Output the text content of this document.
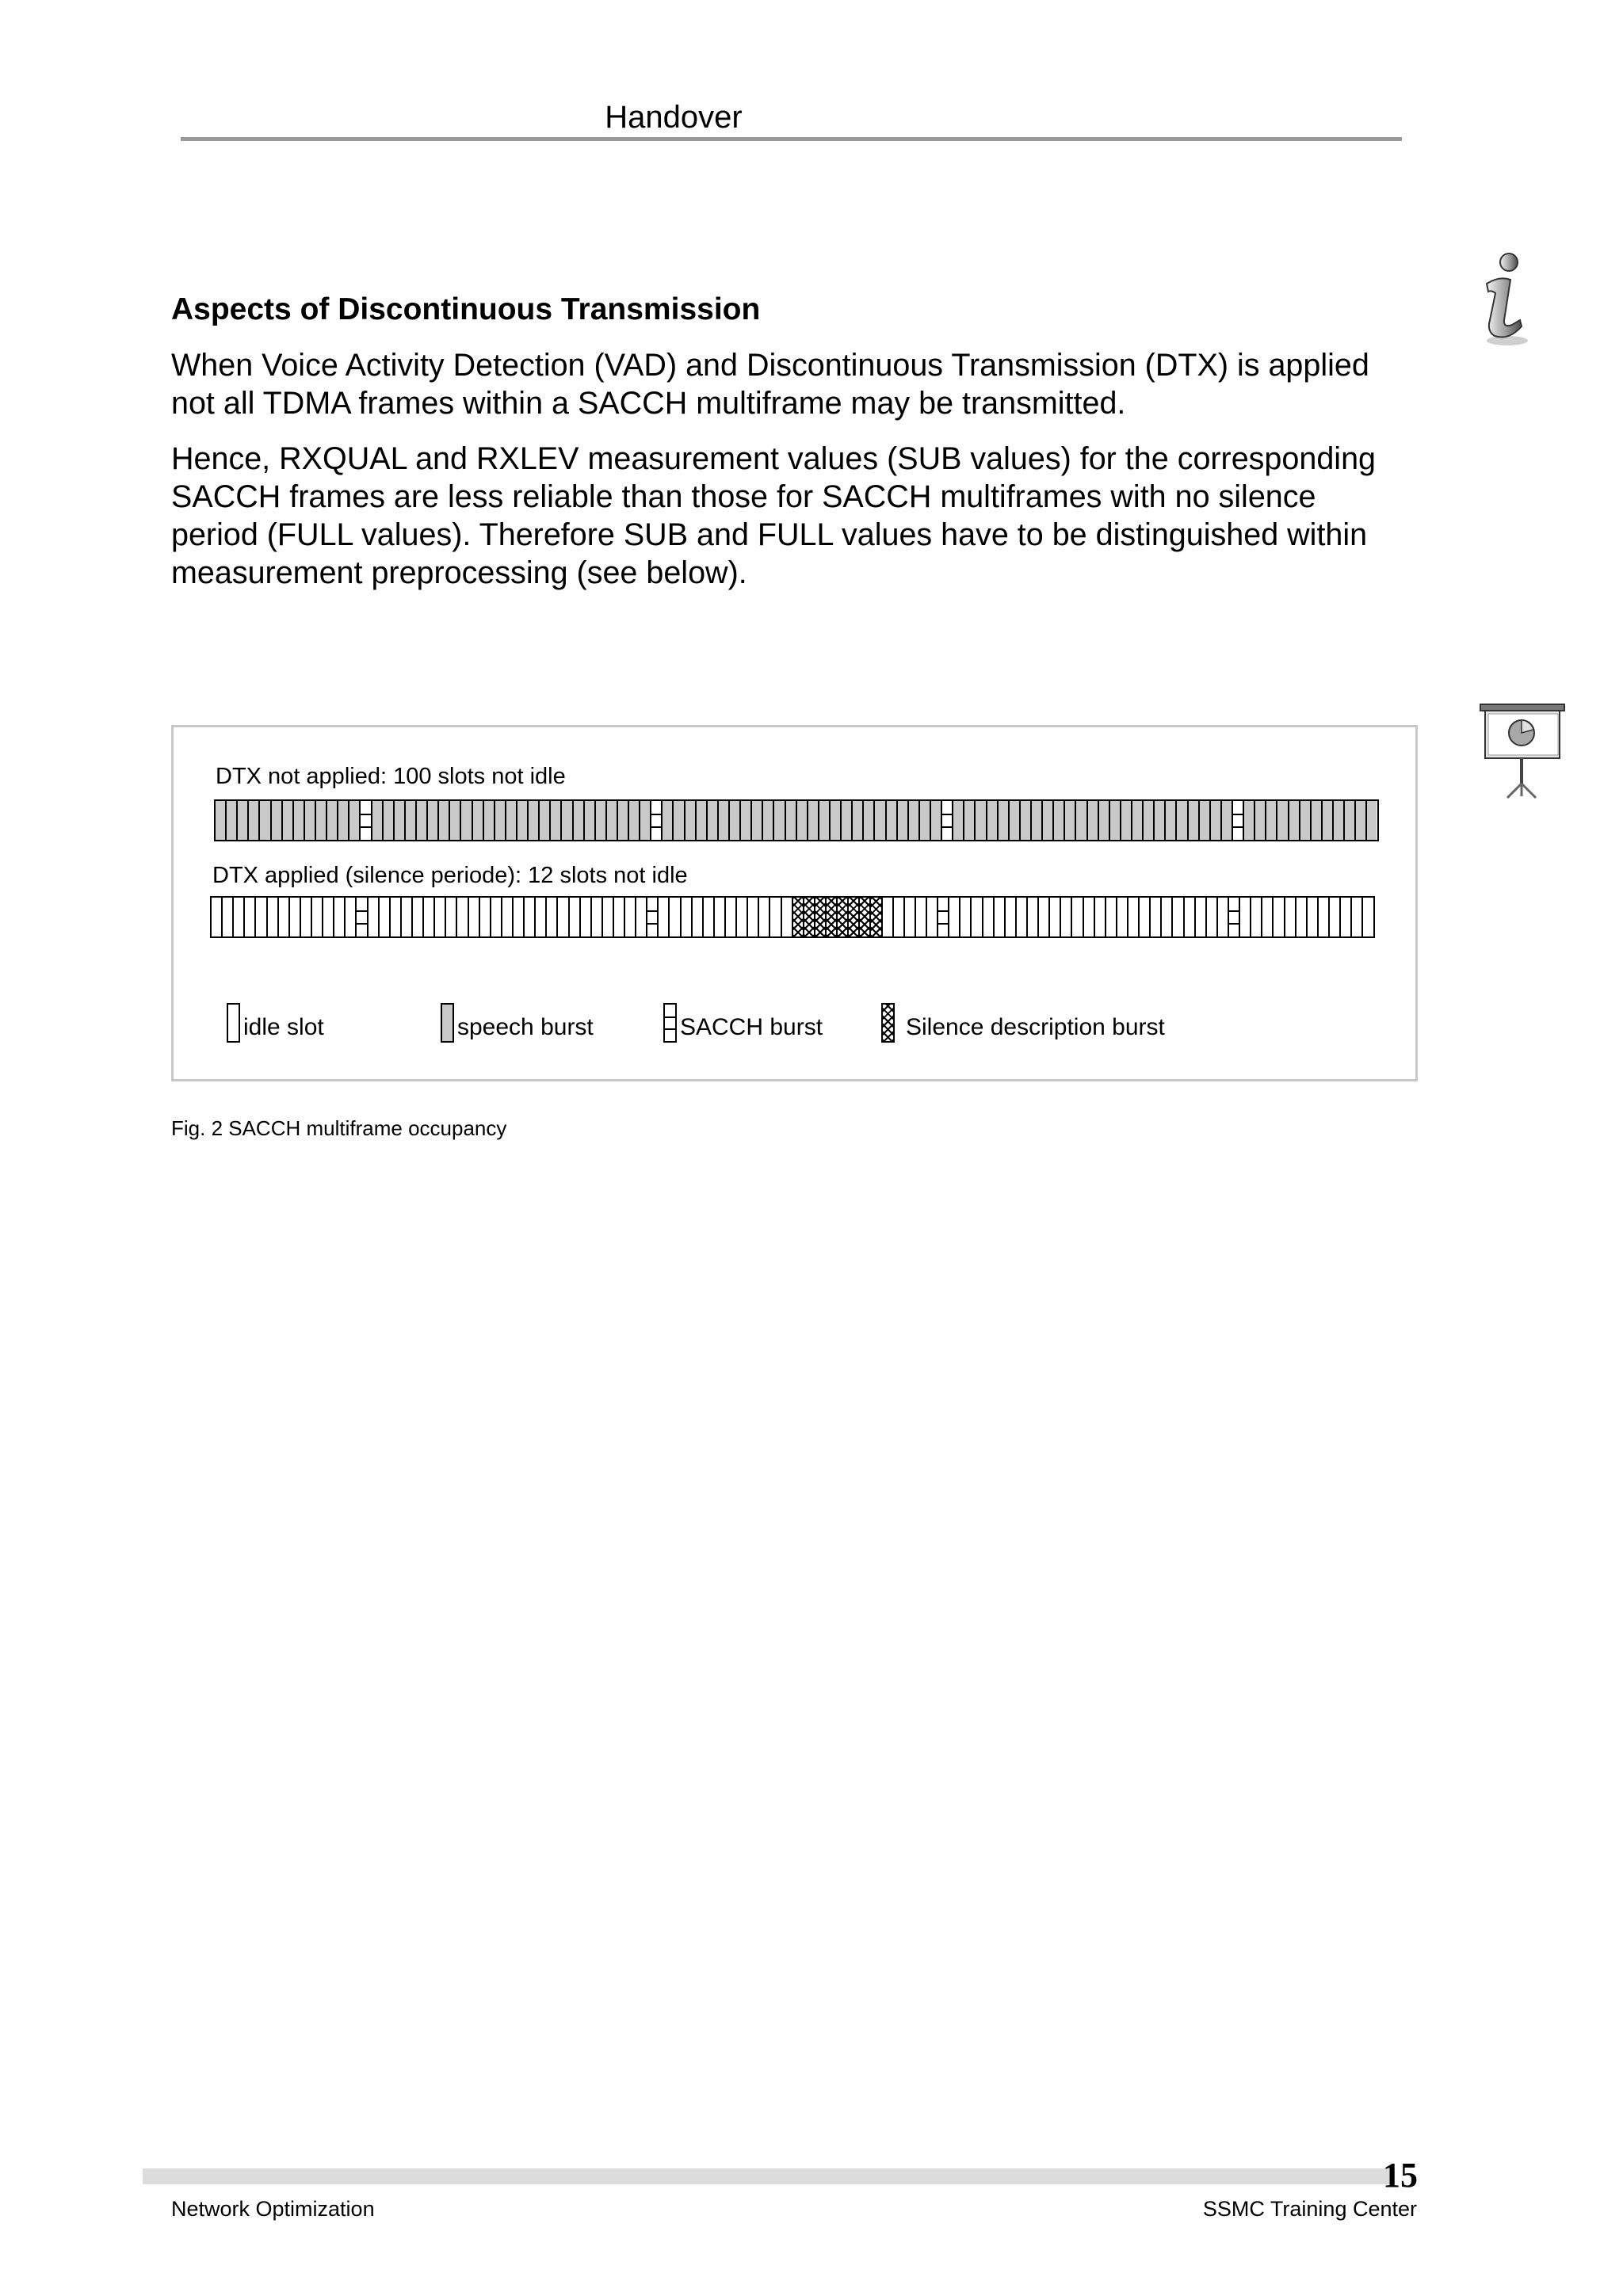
Handover
Aspects of Discontinuous Transmission

When Voice Activity Detection (VAD) and Discontinuous Transmission (DTX) is applied not all TDMA frames within a SACCH multiframe may be transmitted.

Hence, RXQUAL and RXLEV measurement values (SUB values) for the corresponding SACCH frames are less reliable than those for SACCH multiframes with no silence period (FULL values). Therefore SUB and FULL values have to be distinguished within measurement preprocessing (see below).

DTX not applied: 100 slots not idle
DTX applied (silence periode): 12 slots not idle
idle slot	speech burst	SACCH burst	Silence description burst
Fig. 2 SACCH multiframe occupancy
15
Network Optimization	SSMC Training Center
